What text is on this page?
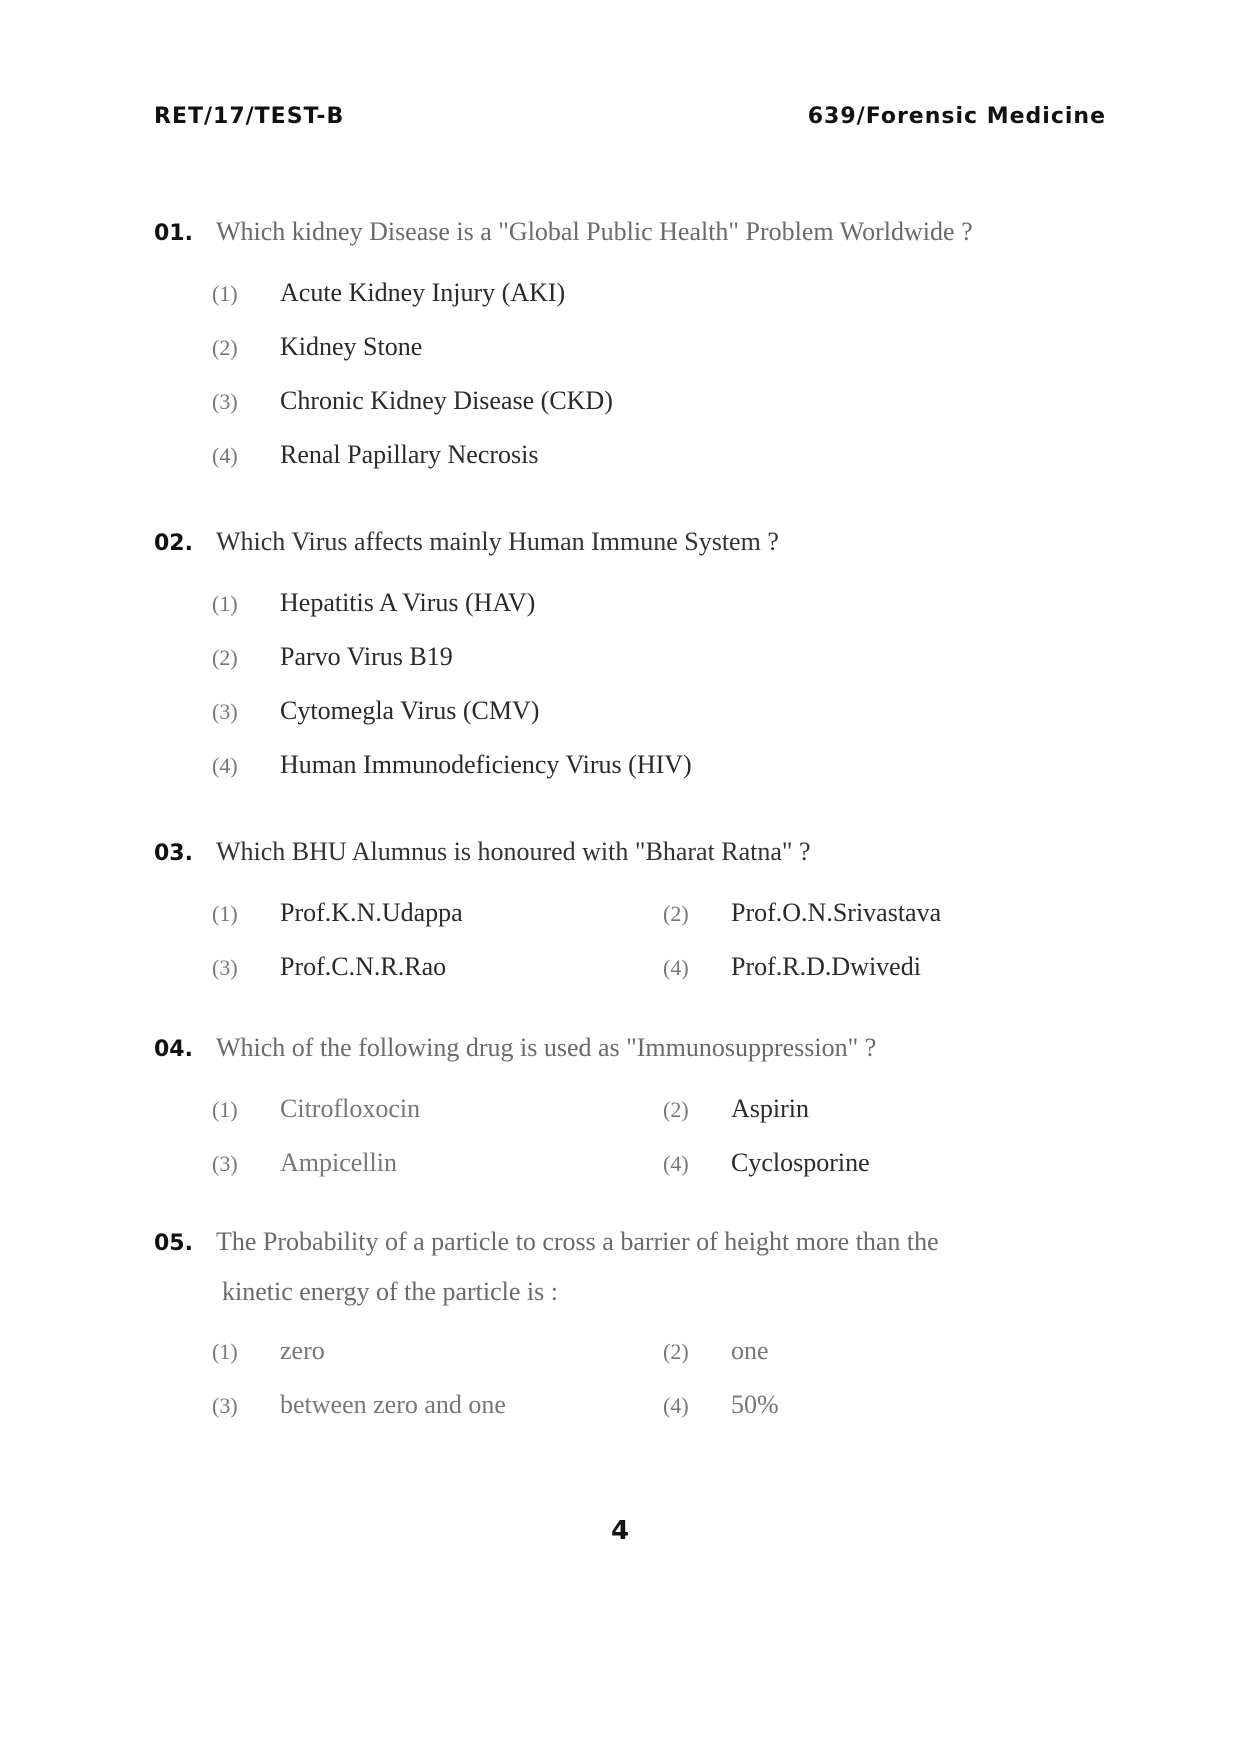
RET/17/TEST-B	639/Forensic Medicine
01. Which kidney Disease is a "Global Public Health" Problem Worldwide ?
(1)	Acute Kidney Injury (AKI)
(2)	Kidney Stone
(3)	Chronic Kidney Disease (CKD)
(4)	Renal Papillary Necrosis
02. Which Virus affects mainly Human Immune System ?
(1)	Hepatitis A Virus (HAV)
(2)	Parvo Virus B19
(3)	Cytomegla Virus (CMV)
(4)	Human Immunodeficiency Virus (HIV)
03. Which BHU Alumnus is honoured with "Bharat Ratna" ?
(1)	Prof.K.N.Udappa	(2)	Prof.O.N.Srivastava
(3)	Prof.C.N.R.Rao	(4)	Prof.R.D.Dwivedi
04. Which of the following drug is used as "Immunosuppression" ?
(1)	Citrofloxocin	(2)	Aspirin
(3)	Ampicellin	(4)	Cyclosporine
05. The Probability of a particle to cross a barrier of height more than the
kinetic energy of the particle is :
(1)	zero	(2)	one
(3)	between zero and one	(4)	50%
4
